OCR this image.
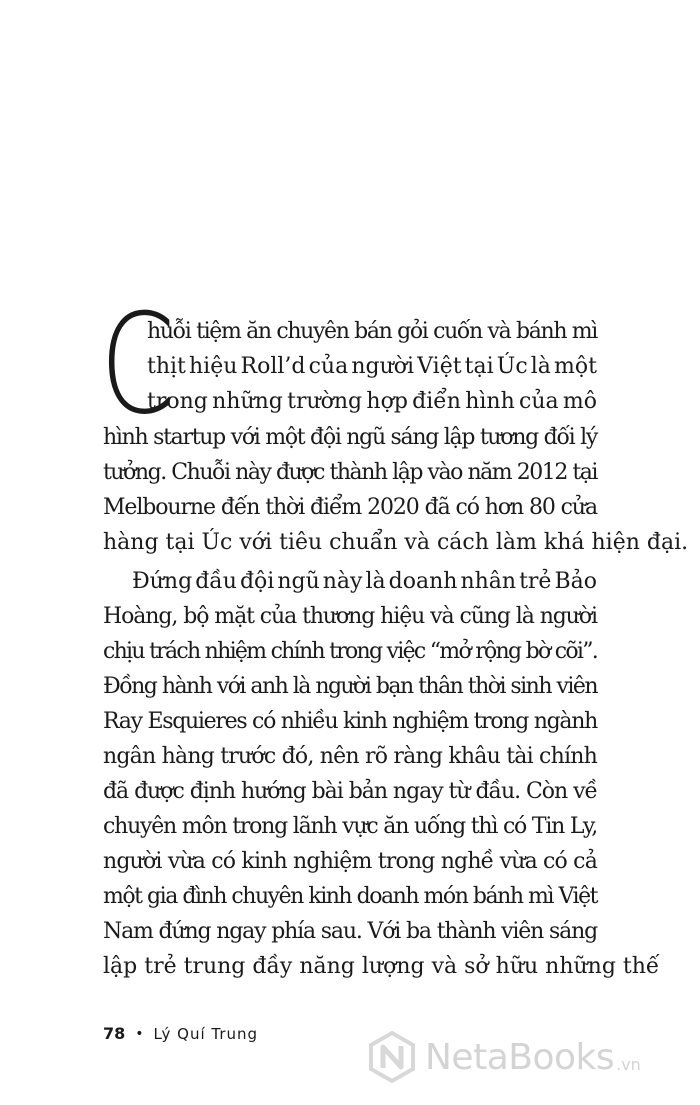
C
huỗi tiệm ăn chuyên bán gỏi cuốn và bánh mì
thịt hiệu Roll’d của người Việt tại Úc là một
trong những trường hợp điển hình của mô
hình startup với một đội ngũ sáng lập tương đối lý
tưởng. Chuỗi này được thành lập vào năm 2012 tại
Melbourne đến thời điểm 2020 đã có hơn 80 cửa
hàng tại Úc với tiêu chuẩn và cách làm khá hiện đại.
Đứng đầu đội ngũ này là doanh nhân trẻ Bảo
Hoàng, bộ mặt của thương hiệu và cũng là người
chịu trách nhiệm chính trong việc “mở rộng bờ cõi”.
Đồng hành với anh là người bạn thân thời sinh viên
Ray Esquieres có nhiều kinh nghiệm trong ngành
ngân hàng trước đó, nên rõ ràng khâu tài chính
đã được định hướng bài bản ngay từ đầu. Còn về
chuyên môn trong lãnh vực ăn uống thì có Tin Ly,
người vừa có kinh nghiệm trong nghề vừa có cả
một gia đình chuyên kinh doanh món bánh mì Việt
Nam đứng ngay phía sau. Với ba thành viên sáng
lập trẻ trung đầy năng lượng và sở hữu những thế
78 • Lý Quí Trung
NetaBooks .vn
